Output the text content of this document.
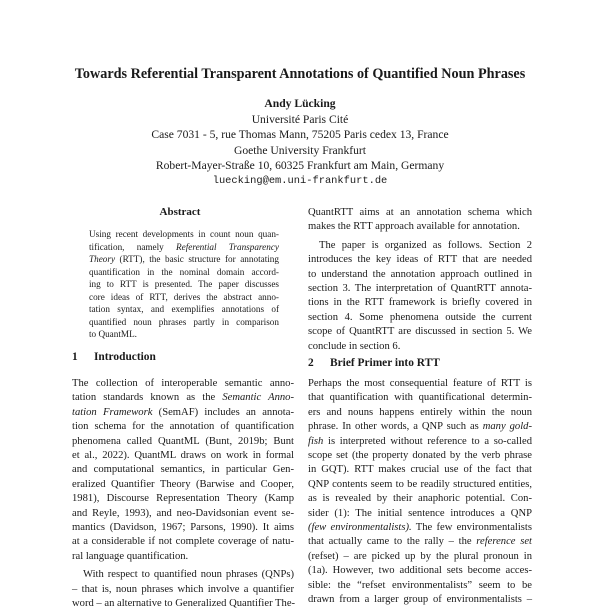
Towards Referential Transparent Annotations of Quantified Noun Phrases
Andy Lücking
Université Paris Cité
Case 7031 - 5, rue Thomas Mann, 75205 Paris cedex 13, France
Goethe University Frankfurt
Robert-Mayer-Straße 10, 60325 Frankfurt am Main, Germany
luecking@em.uni-frankfurt.de
Abstract
Using recent developments in count noun quan-
tification, namely Referential Transparency
Theory (RTT), the basic structure for annotating
quantification in the nominal domain accord-
ing to RTT is presented. The paper discusses
core ideas of RTT, derives the abstract anno-
tation syntax, and exemplifies annotations of
quantified noun phrases partly in comparison
to QuantML.
1 Introduction
The collection of interoperable semantic anno-
tation standards known as the Semantic Anno-
tation Framework (SemAF) includes an annota-
tion schema for the annotation of quantification
phenomena called QuantML (Bunt, 2019b; Bunt
et al., 2022). QuantML draws on work in formal
and computational semantics, in particular Gen-
eralized Quantifier Theory (Barwise and Cooper,
1981), Discourse Representation Theory (Kamp
and Reyle, 1993), and neo-Davidsonian event se-
mantics (Davidson, 1967; Parsons, 1990). It aims
at a considerable if not complete coverage of natu-
ral language quantification.
With respect to quantified noun phrases (QNPs)
– that is, noun phrases which involve a quantifier
word – an alternative to Generalized Quantifier The-
QuantRTT aims at an annotation schema which
makes the RTT approach available for annotation.
The paper is organized as follows. Section 2
introduces the key ideas of RTT that are needed
to understand the annotation approach outlined in
section 3. The interpretation of QuantRTT annota-
tions in the RTT framework is briefly covered in
section 4. Some phenomena outside the current
scope of QuantRTT are discussed in section 5. We
conclude in section 6.
2 Brief Primer into RTT
Perhaps the most consequential feature of RTT is
that quantification with quantificational determin-
ers and nouns happens entirely within the noun
phrase. In other words, a QNP such as many gold-
fish is interpreted without reference to a so-called
scope set (the property donated by the verb phrase
in GQT). RTT makes crucial use of the fact that
QNP contents seem to be readily structured entities,
as is revealed by their anaphoric potential. Con-
sider (1): The initial sentence introduces a QNP
(few environmentalists). The few environmentalists
that actually came to the rally – the reference set
(refset) – are picked up by the plural pronoun in
(1a). However, two additional sets become acces-
sible: the “refset environmentalists” seem to be
drawn from a larger group of environmentalists –
